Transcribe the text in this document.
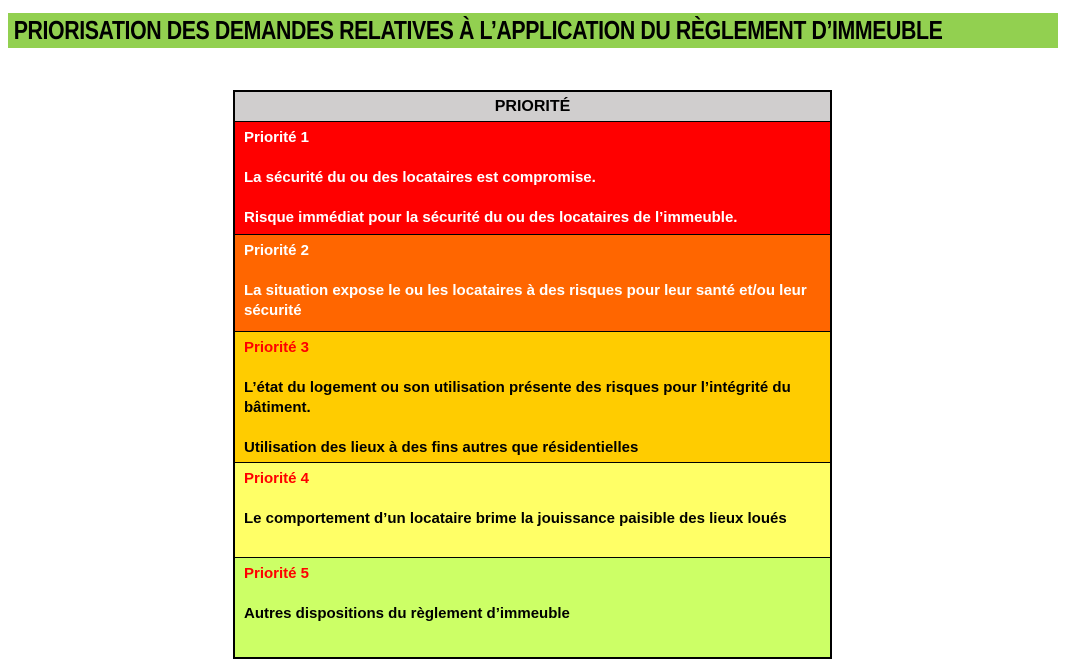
PRIORISATION DES DEMANDES RELATIVES À L’APPLICATION DU RÈGLEMENT D’IMMEUBLE
PRIORITÉ

Priorité 1

La sécurité du ou des locataires est compromise.

Risque immédiat pour la sécurité du ou des locataires de l’immeuble.

Priorité 2

La situation expose le ou les locataires à des risques pour leur santé et/ou leur sécurité

Priorité 3

L’état du logement ou son utilisation présente des risques pour l’intégrité du bâtiment.

Utilisation des lieux à des fins autres que résidentielles

Priorité 4

Le comportement d’un locataire brime la jouissance paisible des lieux loués

Priorité 5

Autres dispositions du règlement d’immeuble
